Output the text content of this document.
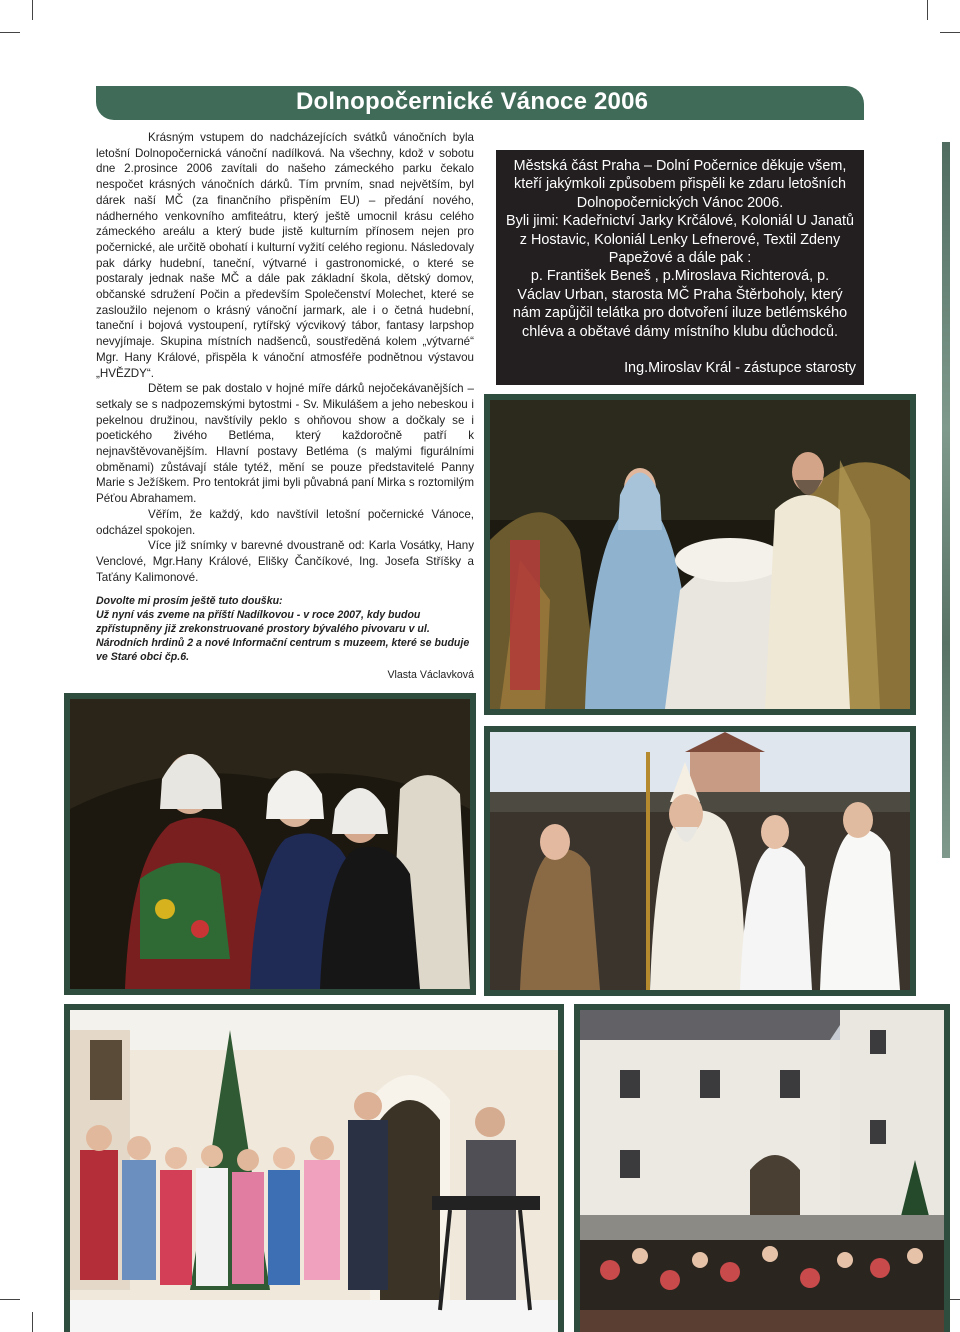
Dolnopočernické Vánoce 2006

Krásným vstupem do nadcházejících svátků vánočních byla letošní Dolnopočernická vánoční nadílková. Na všechny, kdož v sobotu dne 2.prosince 2006 zavítali do našeho zámeckého parku čekalo nespočet krásných vánočních dárků. Tím prvním, snad největším, byl dárek naší MČ (za finančního přispěním EU) – předání nového, nádherného venkovního amfiteátru, který ještě umocnil krásu celého zámeckého areálu a který bude jistě kulturním přínosem nejen pro počernické, ale určitě obohatí i kulturní vyžití celého regionu. Následovaly pak dárky hudební, taneční, výtvarné i gastronomické, o které se postaraly jednak naše MČ a dále pak základní škola, dětský domov, občanské sdružení Počin a především Společenství Molechet, které se zasloužilo nejenom o krásný vánoční jarmark, ale i o četná hudební, taneční i bojová vystoupení, rytířský výcvikový tábor, fantasy larpshop nevyjímaje. Skupina místních nadšenců, soustředěná kolem „výtvarné“ Mgr. Hany Králové, přispěla k vánoční atmosféře podnětnou výstavou „HVĚZDY“.

Dětem se pak dostalo v hojné míře dárků nejočekávanějších – setkaly se s nadpozemskými bytostmi - Sv. Mikulášem a jeho nebeskou i pekelnou družinou, navštívily peklo s ohňovou show a dočkaly se i poetického živého Betléma, který každoročně patří k nejnavštěvovanějším. Hlavní postavy Betléma (s malými figurálními obměnami) zůstávají stále tytéž, mění se pouze představitelé Panny Marie s Ježíškem. Pro tentokrát jimi byli půvabná paní Mirka s roztomilým Péťou Abrahamem.

Věřím, že každý, kdo navštívil letošní počernické Vánoce, odcházel spokojen.

Více již snímky v barevné dvoustraně od: Karla Vosátky, Hany Venclové, Mgr.Hany Králové, Elišky Čančíkové, Ing. Josefa Stříšky a Taťány Kalimonové.

Dovolte mi prosím ještě tuto doušku:
Už nyní vás zveme na příští Nadílkovou - v roce 2007, kdy budou zpřístupněny již zrekonstruované prostory bývalého pivovaru v ul. Národních hrdinů 2 a nové Informační centrum s muzeem, které se buduje ve Staré obci čp.6.
Vlasta Václavková
Městská část Praha – Dolní Počernice děkuje všem, kteří jakýmkoli způsobem přispěli ke zdaru letošních Dolnopočernických Vánoc 2006.
Byli jimi: Kadeřnictví Jarky Krčálové, Koloniál U Janatů z Hostavic, Koloniál Lenky Lefnerové, Textil Zdeny Papežové a dále pak :
p. František Beneš , p.Miroslava Richterová, p.
Václav Urban, starosta MČ Praha Štěrboholy, který nám zapůjčil telátka pro dotvoření iluze betlémského chléva a obětavé dámy místního klubu důchodců.
Ing.Miroslav Král - zástupce starosty
